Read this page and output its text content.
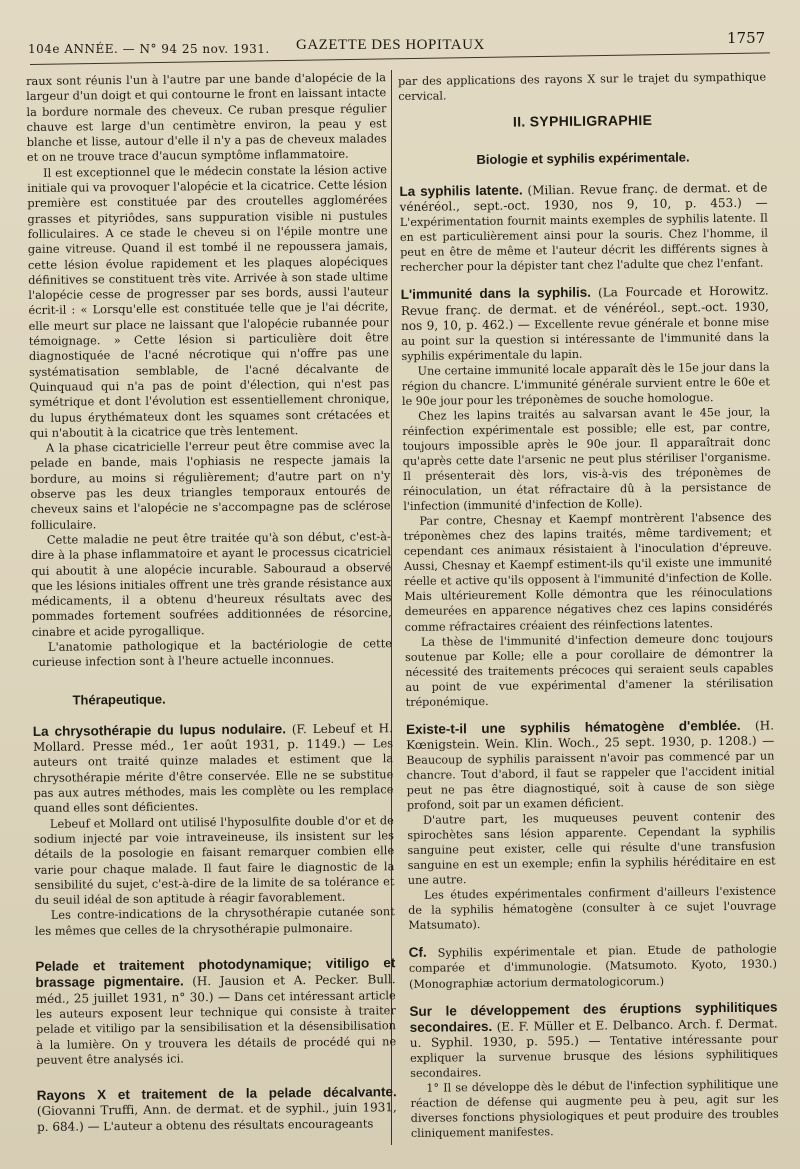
104e ANNÉE. — N° 94 25 nov. 1931. GAZETTE DES HOPITAUX	1757

raux sont réunis l'un à l'autre par une bande d'alopécie de la largeur d'un doigt et qui contourne le front en laissant intacte la bordure normale des cheveux. Ce ruban presque régulier chauve est large d'un centimètre environ, la peau y est blanche et lisse, autour d'elle il n'y a pas de cheveux malades et on ne trouve trace d'aucun symptôme inflammatoire.

Il est exceptionnel que le médecin constate la lésion active initiale qui va provoquer l'alopécie et la cicatrice. Cette lésion première est constituée par des croutelles agglomérées grasses et pityriôdes, sans suppuration visible ni pustules folliculaires. A ce stade le cheveu si on l'épile montre une gaine vitreuse. Quand il est tombé il ne repoussera jamais, cette lésion évolue rapidement et les plaques alopéciques définitives se constituent très vite. Arrivée à son stade ultime l'alopécie cesse de progresser par ses bords, aussi l'auteur écrit-il : « Lorsqu'elle est constituée telle que je l'ai décrite, elle meurt sur place ne laissant que l'alopécie rubannée pour témoignage. » Cette lésion si particulière doit être diagnostiquée de l'acné nécrotique qui n'offre pas une systématisation semblable, de l'acné décalvante de Quinquaud qui n'a pas de point d'élection, qui n'est pas symétrique et dont l'évolution est essentiellement chronique, du lupus érythémateux dont les squames sont crétacées et qui n'aboutit à la cicatrice que très lentement.

A la phase cicatricielle l'erreur peut être commise avec la pelade en bande, mais l'ophiasis ne respecte jamais la bordure, au moins si régulièrement; d'autre part on n'y observe pas les deux triangles temporaux entourés de cheveux sains et l'alopécie ne s'accompagne pas de sclérose folliculaire.

Cette maladie ne peut être traitée qu'à son début, c'est-à-dire à la phase inflammatoire et ayant le processus cicatriciel qui aboutit à une alopécie incurable. Sabouraud a observé que les lésions initiales offrent une très grande résistance aux médicaments, il a obtenu d'heureux résultats avec des pommades fortement soufrées additionnées de résorcine, cinabre et acide pyrogallique.

L'anatomie pathologique et la bactériologie de cette curieuse infection sont à l'heure actuelle inconnues.

Thérapeutique.

La chrysothérapie du lupus nodulaire. (F. Lebeuf et H. Mollard. Presse méd., 1er août 1931, p. 1149.) — Les auteurs ont traité quinze malades et estiment que la chrysothérapie mérite d'être conservée. Elle ne se substitue pas aux autres méthodes, mais les complète ou les remplace quand elles sont déficientes.

Lebeuf et Mollard ont utilisé l'hyposulfite double d'or et de sodium injecté par voie intraveineuse, ils insistent sur les détails de la posologie en faisant remarquer combien elle varie pour chaque malade. Il faut faire le diagnostic de la sensibilité du sujet, c'est-à-dire de la limite de sa tolérance et du seuil idéal de son aptitude à réagir favorablement.

Les contre-indications de la chrysothérapie cutanée sont les mêmes que celles de la chrysothérapie pulmonaire.

Pelade et traitement photodynamique; vitiligo et brassage pigmentaire. (H. Jausion et A. Pecker. Bull. méd., 25 juillet 1931, n° 30.) — Dans cet intéressant article les auteurs exposent leur technique qui consiste à traiter pelade et vitiligo par la sensibilisation et la désensibilisation à la lumière. On y trouvera les détails de procédé qui ne peuvent être analysés ici.

Rayons X et traitement de la pelade décalvante. (Giovanni Truffi, Ann. de dermat. et de syphil., juin 1931, p. 684.) — L'auteur a obtenu des résultats encourageants

par des applications des rayons X sur le trajet du sympathique cervical.

II. SYPHILIGRAPHIE
Biologie et syphilis expérimentale.

La syphilis latente. (Milian. Revue franç. de dermat. et de vénéréol., sept.-oct. 1930, nos 9, 10, p. 453.) — L'expérimentation fournit maints exemples de syphilis latente. Il en est particulièrement ainsi pour la souris. Chez l'homme, il peut en être de même et l'auteur décrit les différents signes à rechercher pour la dépister tant chez l'adulte que chez l'enfant.

L'immunité dans la syphilis. (La Fourcade et Horowitz. Revue franç. de dermat. et de vénéréol., sept.-oct. 1930, nos 9, 10, p. 462.) — Excellente revue générale et bonne mise au point sur la question si intéressante de l'immunité dans la syphilis expérimentale du lapin.

Une certaine immunité locale apparaît dès le 15e jour dans la région du chancre. L'immunité générale survient entre le 60e et le 90e jour pour les tréponèmes de souche homologue.

Chez les lapins traités au salvarsan avant le 45e jour, la réinfection expérimentale est possible; elle est, par contre, toujours impossible après le 90e jour. Il apparaîtrait donc qu'après cette date l'arsenic ne peut plus stériliser l'organisme. Il présenterait dès lors, vis-à-vis des tréponèmes de réinoculation, un état réfractaire dû à la persistance de l'infection (immunité d'infection de Kolle).

Par contre, Chesnay et Kaempf montrèrent l'absence des tréponèmes chez des lapins traités, même tardivement; et cependant ces animaux résistaient à l'inoculation d'épreuve. Aussi, Chesnay et Kaempf estiment-ils qu'il existe une immunité réelle et active qu'ils opposent à l'immunité d'infection de Kolle. Mais ultérieurement Kolle démontra que les réinoculations demeurées en apparence négatives chez ces lapins considérés comme réfractaires créaient des réinfections latentes.

La thèse de l'immunité d'infection demeure donc toujours soutenue par Kolle; elle a pour corollaire de démontrer la nécessité des traitements précoces qui seraient seuls capables au point de vue expérimental d'amener la stérilisation tréponémique.

Existe-t-il une syphilis hématogène d'emblée. (H. Kœnigstein. Wein. Klin. Woch., 25 sept. 1930, p. 1208.) — Beaucoup de syphilis paraissent n'avoir pas commencé par un chancre. Tout d'abord, il faut se rappeler que l'accident initial peut ne pas être diagnostiqué, soit à cause de son siège profond, soit par un examen déficient.

D'autre part, les muqueuses peuvent contenir des spirochètes sans lésion apparente. Cependant la syphilis sanguine peut exister, celle qui résulte d'une transfusion sanguine en est un exemple; enfin la syphilis héréditaire en est une autre.

Les études expérimentales confirment d'ailleurs l'existence de la syphilis hématogène (consulter à ce sujet l'ouvrage Matsumato).

Cf. Syphilis expérimentale et pian. Etude de pathologie comparée et d'immunologie. (Matsumoto. Kyoto, 1930.) (Monographiæ actorium dermatologicorum.)

Sur le développement des éruptions syphilitiques secondaires. (E. F. Müller et E. Delbanco. Arch. f. Dermat. u. Syphil. 1930, p. 595.) — Tentative intéressante pour expliquer la survenue brusque des lésions syphilitiques secondaires.

1° Il se développe dès le début de l'infection syphilitique une réaction de défense qui augmente peu à peu, agit sur les diverses fonctions physiologiques et peut produire des troubles cliniquement manifestes.
